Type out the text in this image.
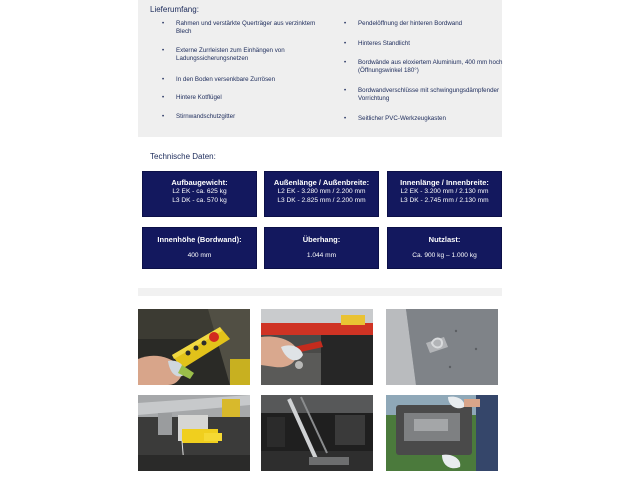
Lieferumfang:
• Rahmen und verstärkte Querträger aus verzinktem Blech
• Externe Zurrleisten zum Einhängen von Ladungssicherungsnetzen
• In den Boden versenkbare Zurrösen
• Hintere Kotflügel
• Stirnwandschutzgitter
• Pendelöffnung der hinteren Bordwand
• Hinteres Standlicht
• Bordwände aus eloxiertem Aluminium, 400 mm hoch (Öffnungswinkel 180°)
• Bordwandverschlüsse mit schwingungsdämpfender Vorrichtung
• Seitlicher PVC-Werkzeugkasten
Technische Daten:
Aufbaugewicht:
L2 EK - ca. 625 kg
L3 DK - ca. 570 kg
Außenlänge / Außenbreite:
L2 EK - 3.280 mm / 2.200 mm
L3 DK - 2.825 mm / 2.200 mm
Innenlänge / Innenbreite:
L2 EK - 3.200 mm / 2.130 mm
L3 DK - 2.745 mm / 2.130 mm
Innenhöhe (Bordwand):
400 mm
Überhang:
1.044 mm
Nutzlast:
Ca. 900 kg – 1.000 kg
